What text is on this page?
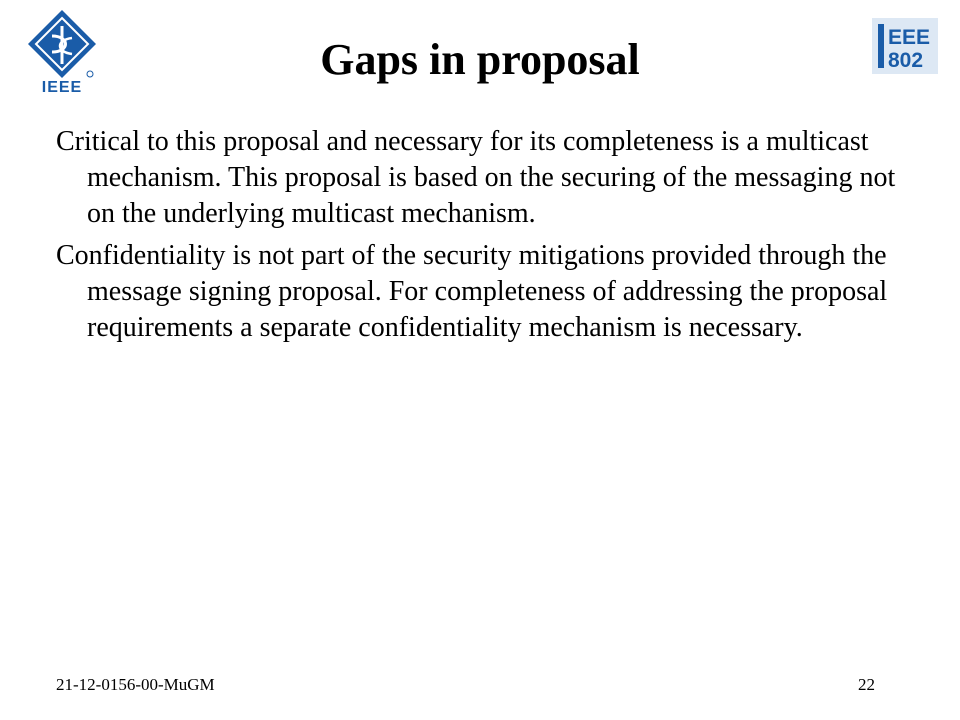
IEEE
EEE
802
Gaps in proposal

Critical to this proposal and necessary for its completeness is a multicast mechanism. This proposal is based on the securing of the messaging not on the underlying multicast mechanism.

Confidentiality is not part of the security mitigations provided through the message signing proposal. For completeness of addressing the proposal requirements a separate confidentiality mechanism is necessary.

21-12-0156-00-MuGM	22
